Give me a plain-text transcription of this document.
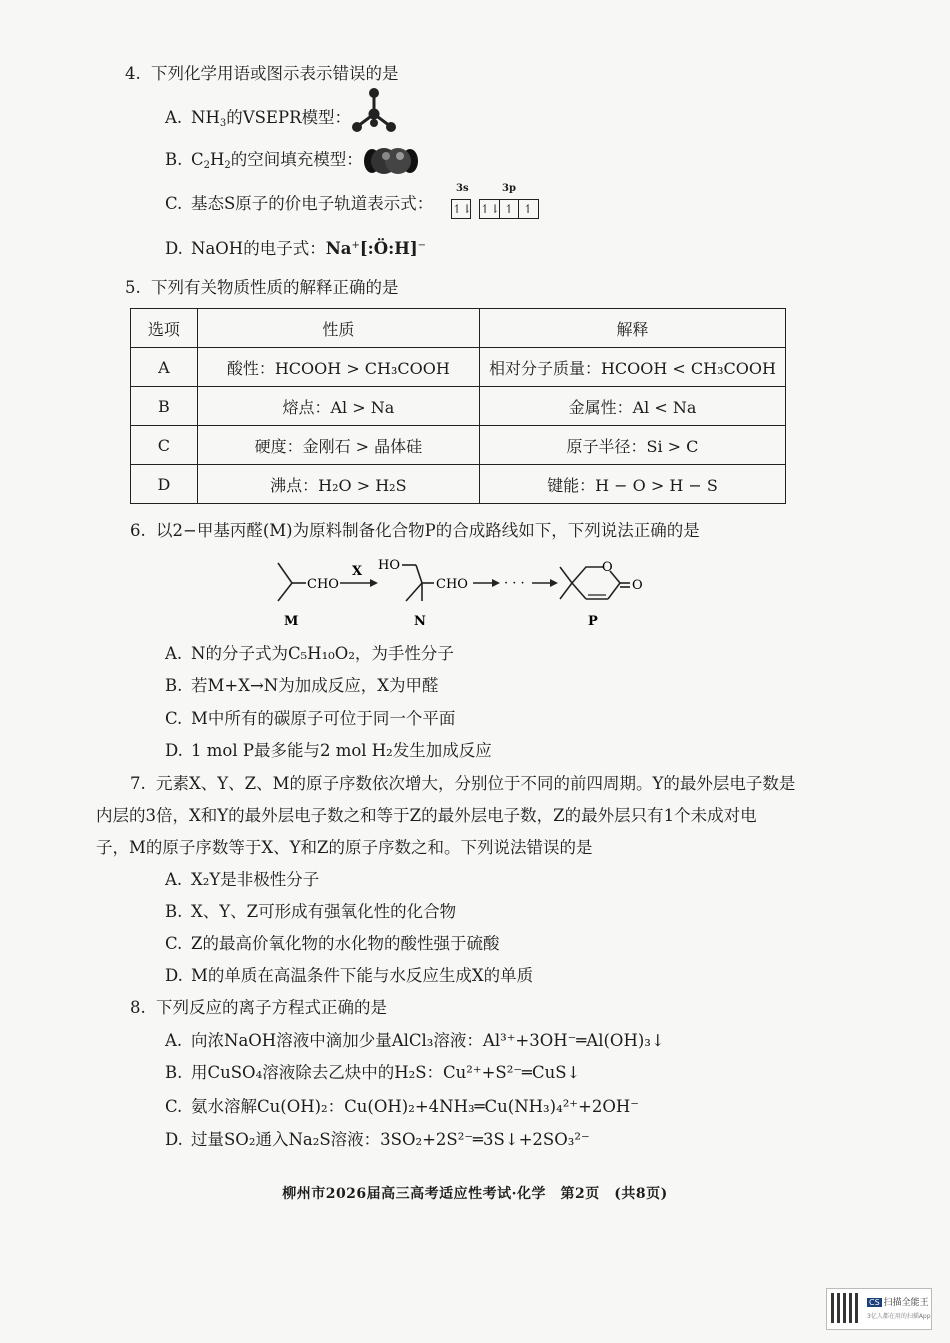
4. 下列化学用语或图示表示错误的是
A. $NH_3$的VSEPR模型：
B. $C_2H_2$的空间填充模型：
C. 基态S原子的价电子轨道表示式：
3s	3p
↿⇂ ↿⇂ ↿ ↿
D. NaOH的电子式：Na+[:Ö:H]−
5. 下列有关物质性质的解释正确的是
选项	性质	解释
A	酸性：HCOOH > CH₃COOH	相对分子质量：HCOOH < CH₃COOH
B	熔点：Al > Na	金属性：Al < Na
C	硬度：金刚石 > 晶体硅	原子半径：Si > C
D	沸点：H₂O > H₂S	键能：H − O > H − S
6. 以2−甲基丙醛(M)为原料制备化合物P的合成路线如下，下列说法正确的是
CHO
X
M
HO
CHO
N
· · ·
O
O
P
A. N的分子式为C₅H₁₀O₂，为手性分子
B. 若M+X→N为加成反应，X为甲醛
C. M中所有的碳原子可位于同一个平面
D. 1 mol P最多能与2 mol H₂发生加成反应
7. 元素X、Y、Z、M的原子序数依次增大，分别位于不同的前四周期。Y的最外层电子数是
内层的3倍，X和Y的最外层电子数之和等于Z的最外层电子数，Z的最外层只有1个未成对电
子，M的原子序数等于X、Y和Z的原子序数之和。下列说法错误的是
A. X₂Y是非极性分子
B. X、Y、Z可形成有强氧化性的化合物
C. Z的最高价氧化物的水化物的酸性强于硫酸
D. M的单质在高温条件下能与水反应生成X的单质
8. 下列反应的离子方程式正确的是
A. 向浓NaOH溶液中滴加少量AlCl₃溶液：Al³⁺+3OH⁻═Al(OH)₃↓
B. 用CuSO₄溶液除去乙炔中的H₂S：Cu²⁺+S²⁻═CuS↓
C. 氨水溶解Cu(OH)₂：Cu(OH)₂+4NH₃═Cu(NH₃)₄²⁺+2OH⁻
D. 过量SO₂通入Na₂S溶液：3SO₂+2S²⁻═3S↓+2SO₃²⁻
柳州市2026届高三高考适应性考试·化学　第2页　(共8页)
CS 扫描全能王
3亿人都在用的扫描App
